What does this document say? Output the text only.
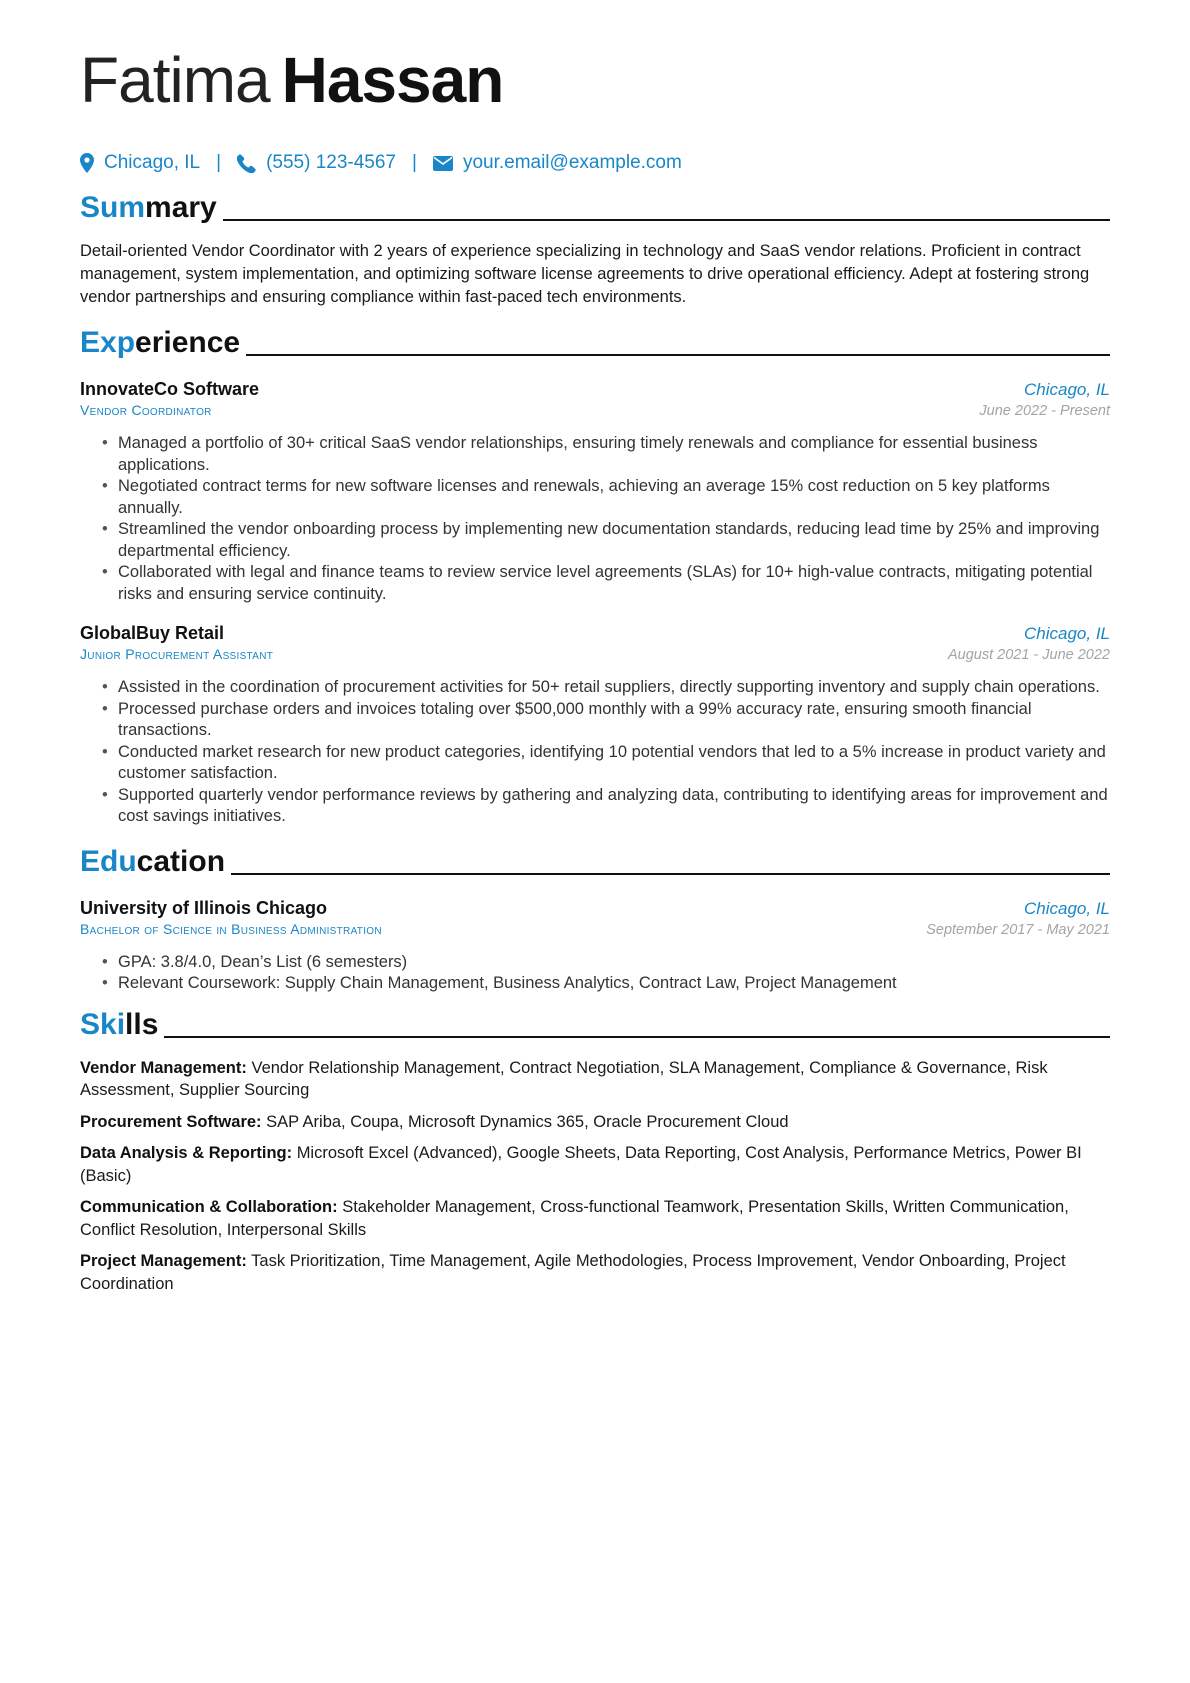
Fatima Hassan
Chicago, IL | (555) 123-4567 | your.email@example.com
Summary
Detail-oriented Vendor Coordinator with 2 years of experience specializing in technology and SaaS vendor relations. Proficient in contract management, system implementation, and optimizing software license agreements to drive operational efficiency. Adept at fostering strong vendor partnerships and ensuring compliance within fast-paced tech environments.
Experience
InnovateCo Software	Chicago, IL
Vendor Coordinator	June 2022 - Present
• Managed a portfolio of 30+ critical SaaS vendor relationships, ensuring timely renewals and compliance for essential business applications.
• Negotiated contract terms for new software licenses and renewals, achieving an average 15% cost reduction on 5 key platforms annually.
• Streamlined the vendor onboarding process by implementing new documentation standards, reducing lead time by 25% and improving departmental efficiency.
• Collaborated with legal and finance teams to review service level agreements (SLAs) for 10+ high-value contracts, mitigating potential risks and ensuring service continuity.
GlobalBuy Retail	Chicago, IL
Junior Procurement Assistant	August 2021 - June 2022
• Assisted in the coordination of procurement activities for 50+ retail suppliers, directly supporting inventory and supply chain operations.
• Processed purchase orders and invoices totaling over $500,000 monthly with a 99% accuracy rate, ensuring smooth financial transactions.
• Conducted market research for new product categories, identifying 10 potential vendors that led to a 5% increase in product variety and customer satisfaction.
• Supported quarterly vendor performance reviews by gathering and analyzing data, contributing to identifying areas for improvement and cost savings initiatives.
Education
University of Illinois Chicago	Chicago, IL
Bachelor of Science in Business Administration	September 2017 - May 2021
• GPA: 3.8/4.0, Dean’s List (6 semesters)
• Relevant Coursework: Supply Chain Management, Business Analytics, Contract Law, Project Management
Skills
Vendor Management: Vendor Relationship Management, Contract Negotiation, SLA Management, Compliance & Governance, Risk Assessment, Supplier Sourcing
Procurement Software: SAP Ariba, Coupa, Microsoft Dynamics 365, Oracle Procurement Cloud
Data Analysis & Reporting: Microsoft Excel (Advanced), Google Sheets, Data Reporting, Cost Analysis, Performance Metrics, Power BI (Basic)
Communication & Collaboration: Stakeholder Management, Cross-functional Teamwork, Presentation Skills, Written Communication, Conflict Resolution, Interpersonal Skills
Project Management: Task Prioritization, Time Management, Agile Methodologies, Process Improvement, Vendor Onboarding, Project Coordination
